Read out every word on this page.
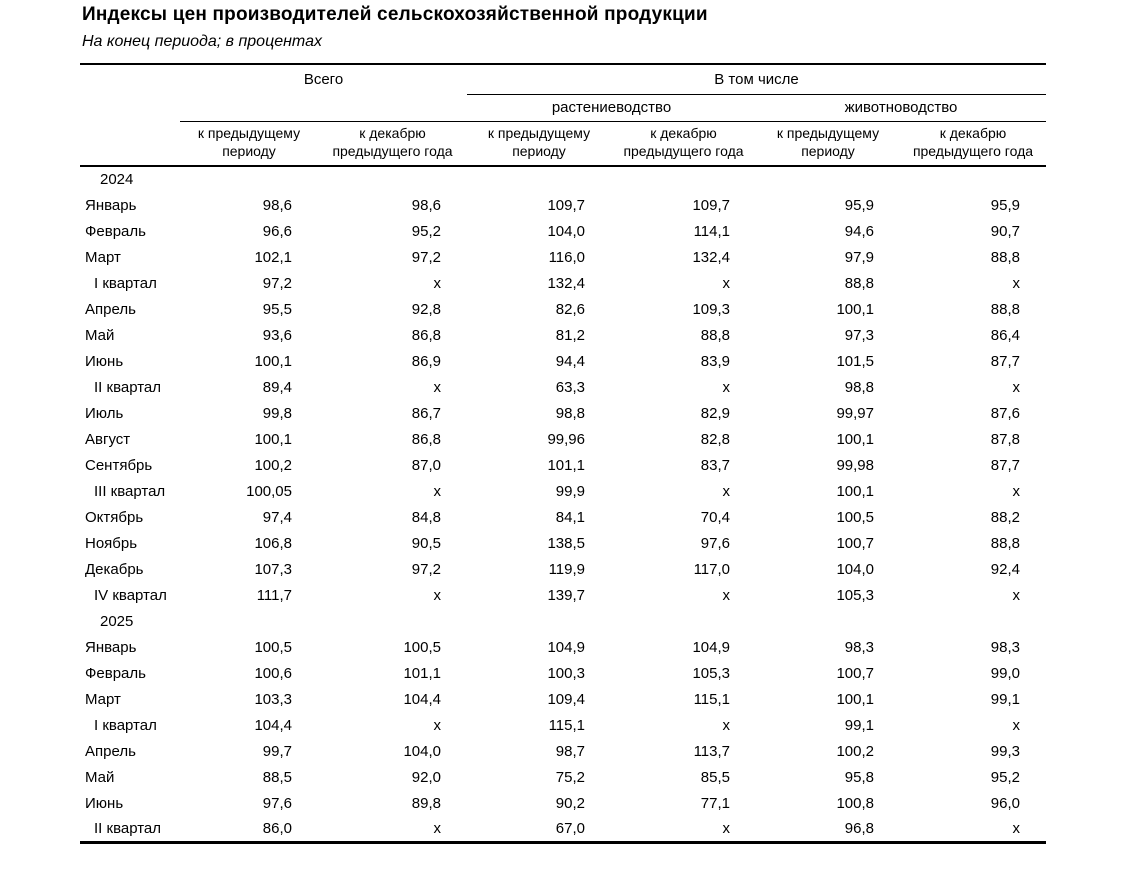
Индексы цен производителей сельскохозяйственной продукции

На конец периода; в процентах

	Всего		В том числе			
			растениеводство		животноводство	
	к предыдущему периоду	к декабрю предыдущего года	к предыдущему периоду	к декабрю предыдущего года	к предыдущему периоду	к декабрю предыдущего года
2024						
Январь	98,6	98,6	109,7	109,7	95,9	95,9
Февраль	96,6	95,2	104,0	114,1	94,6	90,7
Март	102,1	97,2	116,0	132,4	97,9	88,8
I квартал	97,2	х	132,4	х	88,8	х
Апрель	95,5	92,8	82,6	109,3	100,1	88,8
Май	93,6	86,8	81,2	88,8	97,3	86,4
Июнь	100,1	86,9	94,4	83,9	101,5	87,7
II квартал	89,4	х	63,3	х	98,8	х
Июль	99,8	86,7	98,8	82,9	99,97	87,6
Август	100,1	86,8	99,96	82,8	100,1	87,8
Сентябрь	100,2	87,0	101,1	83,7	99,98	87,7
III квартал	100,05	х	99,9	х	100,1	х
Октябрь	97,4	84,8	84,1	70,4	100,5	88,2
Ноябрь	106,8	90,5	138,5	97,6	100,7	88,8
Декабрь	107,3	97,2	119,9	117,0	104,0	92,4
IV квартал	111,7	х	139,7	х	105,3	х
2025						
Январь	100,5	100,5	104,9	104,9	98,3	98,3
Февраль	100,6	101,1	100,3	105,3	100,7	99,0
Март	103,3	104,4	109,4	115,1	100,1	99,1
I квартал	104,4	х	115,1	х	99,1	х
Апрель	99,7	104,0	98,7	113,7	100,2	99,3
Май	88,5	92,0	75,2	85,5	95,8	95,2
Июнь	97,6	89,8	90,2	77,1	100,8	96,0
II квартал	86,0	х	67,0	х	96,8	х
